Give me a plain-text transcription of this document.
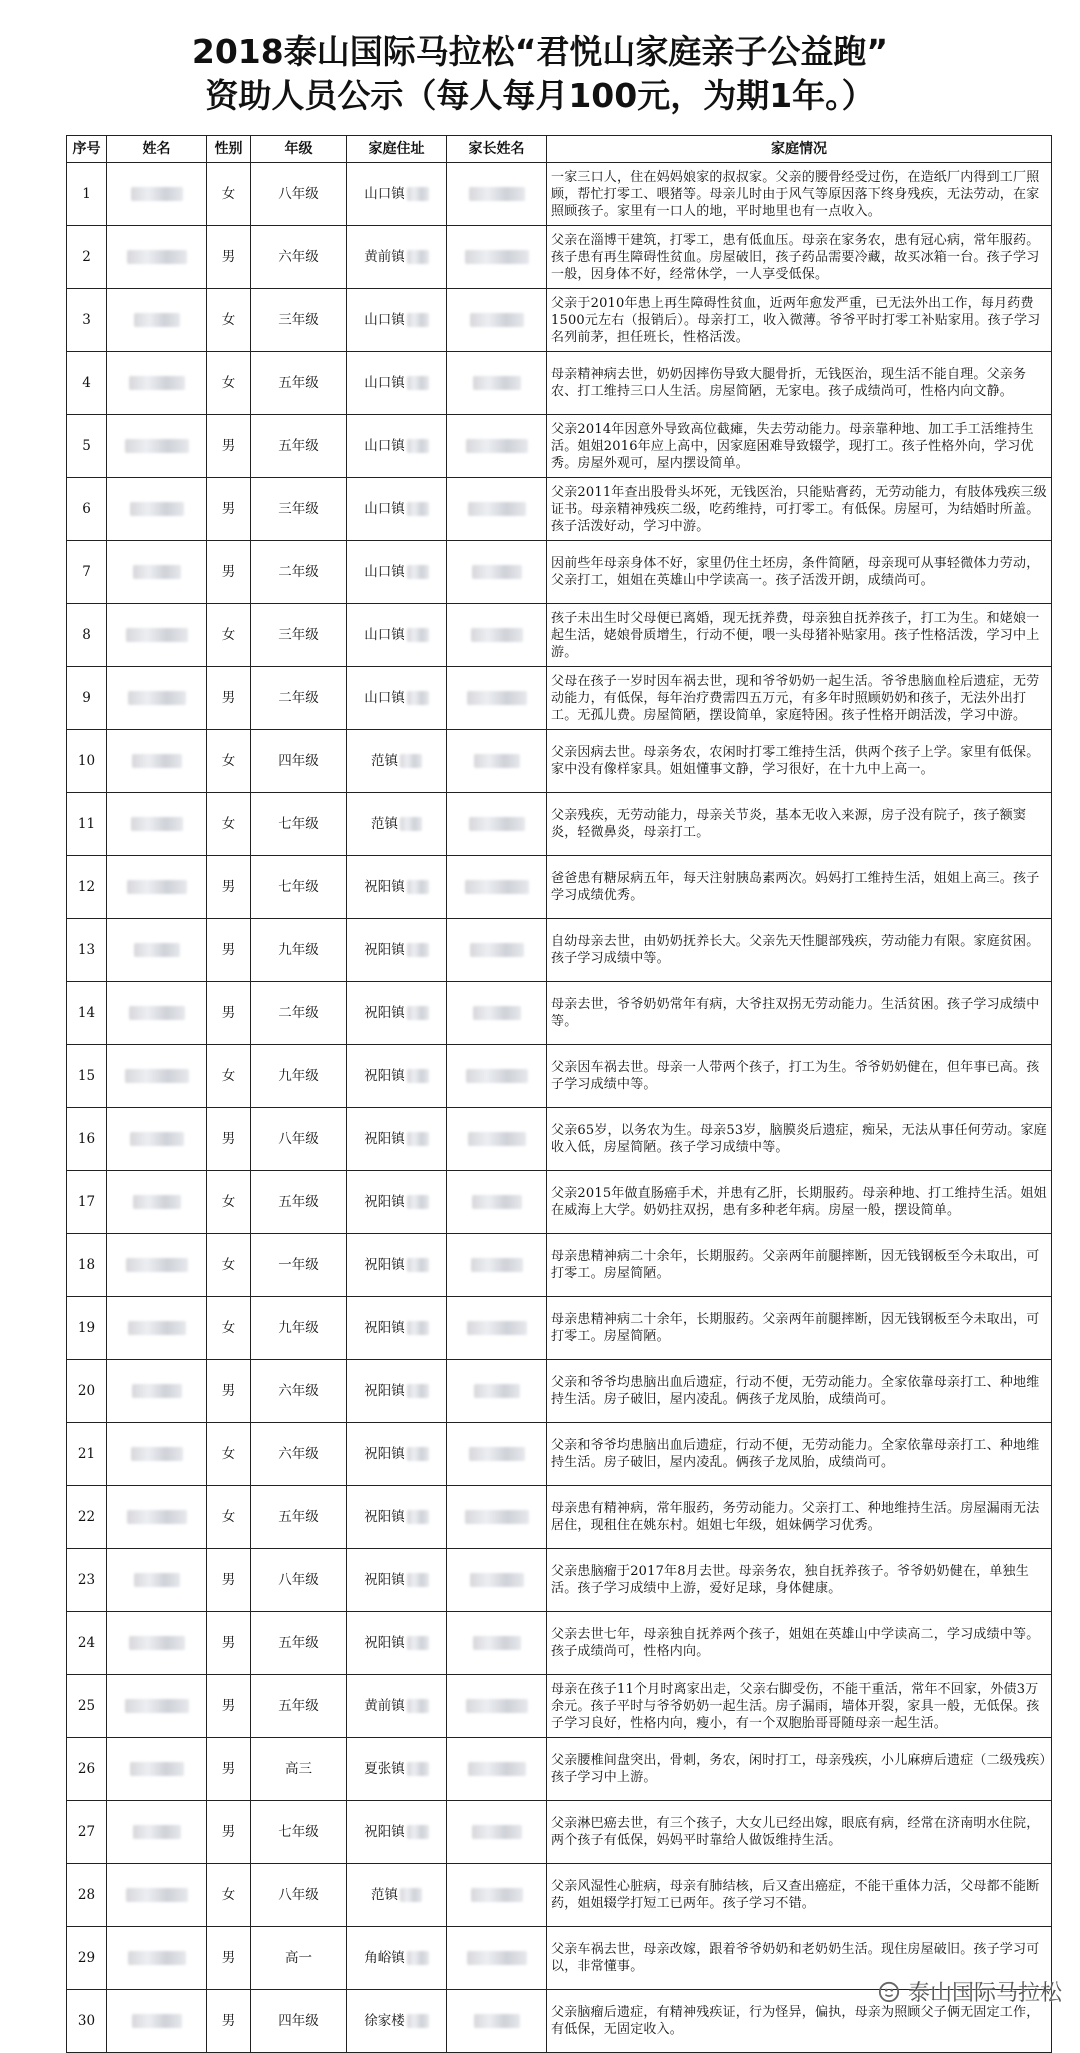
2018泰山国际马拉松“君悦山家庭亲子公益跑”
资助人员公示（每人每月100元，为期1年。）
序号	姓名	性别	年级	家庭住址	家长姓名	家庭情况
1		女	八年级	山口镇		一家三口人，住在妈妈娘家的叔叔家。父亲的腰骨经受过伤，在造纸厂内得到工厂照顾，帮忙打零工、喂猪等。母亲儿时由于风气等原因落下终身残疾，无法劳动，在家照顾孩子。家里有一口人的地，平时地里也有一点收入。
2		男	六年级	黄前镇		父亲在淄博干建筑，打零工，患有低血压。母亲在家务农，患有冠心病，常年服药。孩子患有再生障碍性贫血。房屋破旧，孩子药品需要冷藏，故买冰箱一台。孩子学习一般，因身体不好，经常休学，一人享受低保。
3		女	三年级	山口镇		父亲于2010年患上再生障碍性贫血，近两年愈发严重，已无法外出工作，每月药费1500元左右（报销后）。母亲打工，收入微薄。爷爷平时打零工补贴家用。孩子学习名列前茅，担任班长，性格活泼。
4		女	五年级	山口镇		母亲精神病去世，奶奶因摔伤导致大腿骨折，无钱医治，现生活不能自理。父亲务农、打工维持三口人生活。房屋简陋，无家电。孩子成绩尚可，性格内向文静。
5		男	五年级	山口镇		父亲2014年因意外导致高位截瘫，失去劳动能力。母亲靠种地、加工手工活维持生活。姐姐2016年应上高中，因家庭困难导致辍学，现打工。孩子性格外向，学习优秀。房屋外观可，屋内摆设简单。
6		男	三年级	山口镇		父亲2011年查出股骨头坏死，无钱医治，只能贴膏药，无劳动能力，有肢体残疾三级证书。母亲精神残疾二级，吃药维持，可打零工。有低保。房屋可，为结婚时所盖。孩子活泼好动，学习中游。
7		男	二年级	山口镇		因前些年母亲身体不好，家里仍住土坯房，条件简陋，母亲现可从事轻微体力劳动，父亲打工，姐姐在英雄山中学读高一。孩子活泼开朗，成绩尚可。
8		女	三年级	山口镇		孩子未出生时父母便已离婚，现无抚养费，母亲独自抚养孩子，打工为生。和姥娘一起生活，姥娘骨质增生，行动不便，喂一头母猪补贴家用。孩子性格活泼，学习中上游。
9		男	二年级	山口镇		父母在孩子一岁时因车祸去世，现和爷爷奶奶一起生活。爷爷患脑血栓后遗症，无劳动能力，有低保，每年治疗费需四五万元，有多年时照顾奶奶和孩子，无法外出打工。无孤儿费。房屋简陋，摆设简单，家庭特困。孩子性格开朗活泼，学习中游。
10		女	四年级	范镇		父亲因病去世。母亲务农，农闲时打零工维持生活，供两个孩子上学。家里有低保。家中没有像样家具。姐姐懂事文静，学习很好，在十九中上高一。
11		女	七年级	范镇		父亲残疾，无劳动能力，母亲关节炎，基本无收入来源，房子没有院子，孩子额窦炎，轻微鼻炎，母亲打工。
12		男	七年级	祝阳镇		爸爸患有糖尿病五年，每天注射胰岛素两次。妈妈打工维持生活，姐姐上高三。孩子学习成绩优秀。
13		男	九年级	祝阳镇		自幼母亲去世，由奶奶抚养长大。父亲先天性腿部残疾，劳动能力有限。家庭贫困。孩子学习成绩中等。
14		男	二年级	祝阳镇		母亲去世，爷爷奶奶常年有病，大爷拄双拐无劳动能力。生活贫困。孩子学习成绩中等。
15		女	九年级	祝阳镇		父亲因车祸去世。母亲一人带两个孩子，打工为生。爷爷奶奶健在，但年事已高。孩子学习成绩中等。
16		男	八年级	祝阳镇		父亲65岁，以务农为生。母亲53岁，脑膜炎后遗症，痴呆，无法从事任何劳动。家庭收入低，房屋简陋。孩子学习成绩中等。
17		女	五年级	祝阳镇		父亲2015年做直肠癌手术，并患有乙肝，长期服药。母亲种地、打工维持生活。姐姐在威海上大学。奶奶拄双拐，患有多种老年病。房屋一般，摆设简单。
18		女	一年级	祝阳镇		母亲患精神病二十余年，长期服药。父亲两年前腿摔断，因无钱钢板至今未取出，可打零工。房屋简陋。
19		女	九年级	祝阳镇		母亲患精神病二十余年，长期服药。父亲两年前腿摔断，因无钱钢板至今未取出，可打零工。房屋简陋。
20		男	六年级	祝阳镇		父亲和爷爷均患脑出血后遗症，行动不便，无劳动能力。全家依靠母亲打工、种地维持生活。房子破旧，屋内凌乱。俩孩子龙凤胎，成绩尚可。
21		女	六年级	祝阳镇		父亲和爷爷均患脑出血后遗症，行动不便，无劳动能力。全家依靠母亲打工、种地维持生活。房子破旧，屋内凌乱。俩孩子龙凤胎，成绩尚可。
22		女	五年级	祝阳镇		母亲患有精神病，常年服药，务劳动能力。父亲打工、种地维持生活。房屋漏雨无法居住，现租住在姚东村。姐姐七年级，姐妹俩学习优秀。
23		男	八年级	祝阳镇		父亲患脑瘤于2017年8月去世。母亲务农，独自抚养孩子。爷爷奶奶健在，单独生活。孩子学习成绩中上游，爱好足球，身体健康。
24		男	五年级	祝阳镇		父亲去世七年，母亲独自抚养两个孩子，姐姐在英雄山中学读高二，学习成绩中等。孩子成绩尚可，性格内向。
25		男	五年级	黄前镇		母亲在孩子11个月时离家出走，父亲右脚受伤，不能干重活，常年不回家，外债3万余元。孩子平时与爷爷奶奶一起生活。房子漏雨，墙体开裂，家具一般，无低保。孩子学习良好，性格内向，瘦小，有一个双胞胎哥哥随母亲一起生活。
26		男	高三	夏张镇		父亲腰椎间盘突出，骨刺，务农，闲时打工，母亲残疾，小儿麻痹后遗症（二级残疾）孩子学习中上游。
27		男	七年级	祝阳镇		父亲淋巴癌去世，有三个孩子，大女儿已经出嫁，眼底有病，经常在济南明水住院，两个孩子有低保，妈妈平时靠给人做饭维持生活。
28		女	八年级	范镇		父亲风湿性心脏病，母亲有肺结核，后又查出癌症，不能干重体力活，父母都不能断药，姐姐辍学打短工已两年。孩子学习不错。
29		男	高一	角峪镇		父亲车祸去世，母亲改嫁，跟着爷爷奶奶和老奶奶生活。现住房屋破旧。孩子学习可以，非常懂事。
30		男	四年级	徐家楼		父亲脑瘤后遗症，有精神残疾证，行为怪异，偏执，母亲为照顾父子俩无固定工作，有低保，无固定收入。
泰山国际马拉松
